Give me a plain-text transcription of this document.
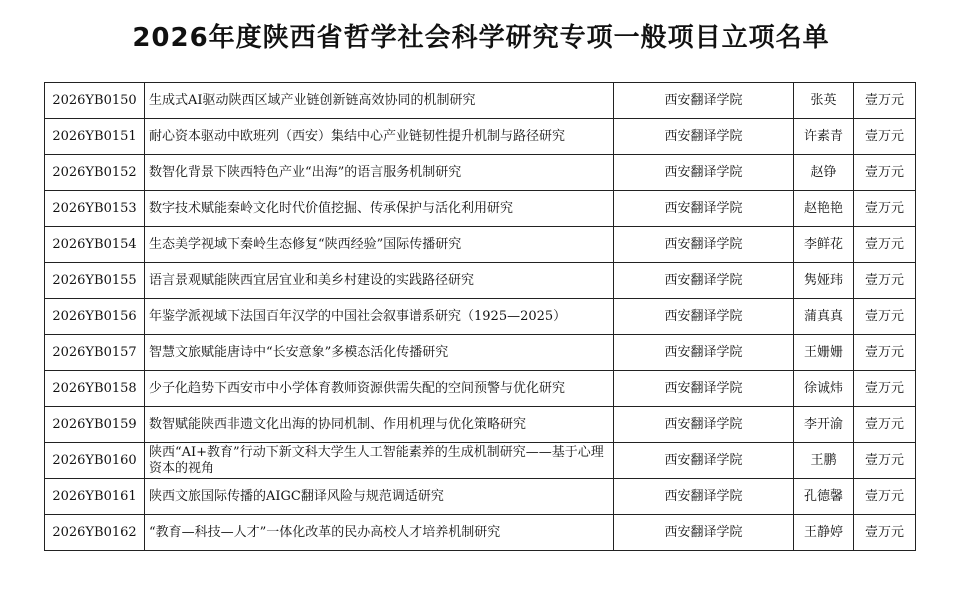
2026年度陕西省哲学社会科学研究专项一般项目立项名单
2026YB0150	生成式AI驱动陕西区域产业链创新链高效协同的机制研究	西安翻译学院	张英	壹万元
2026YB0151	耐心资本驱动中欧班列（西安）集结中心产业链韧性提升机制与路径研究	西安翻译学院	许素青	壹万元
2026YB0152	数智化背景下陕西特色产业“出海”的语言服务机制研究	西安翻译学院	赵铮	壹万元
2026YB0153	数字技术赋能秦岭文化时代价值挖掘、传承保护与活化利用研究	西安翻译学院	赵艳艳	壹万元
2026YB0154	生态美学视域下秦岭生态修复“陕西经验”国际传播研究	西安翻译学院	李鲜花	壹万元
2026YB0155	语言景观赋能陕西宜居宜业和美乡村建设的实践路径研究	西安翻译学院	隽娅玮	壹万元
2026YB0156	年鉴学派视域下法国百年汉学的中国社会叙事谱系研究（1925—2025）	西安翻译学院	蒲真真	壹万元
2026YB0157	智慧文旅赋能唐诗中“长安意象”多模态活化传播研究	西安翻译学院	王姗姗	壹万元
2026YB0158	少子化趋势下西安市中小学体育教师资源供需失配的空间预警与优化研究	西安翻译学院	徐诚炜	壹万元
2026YB0159	数智赋能陕西非遗文化出海的协同机制、作用机理与优化策略研究	西安翻译学院	李开渝	壹万元
2026YB0160	陕西“AI+教育”行动下新文科大学生人工智能素养的生成机制研究——基于心理资本的视角	西安翻译学院	王鹏	壹万元
2026YB0161	陕西文旅国际传播的AIGC翻译风险与规范调适研究	西安翻译学院	孔德馨	壹万元
2026YB0162	“教育—科技—人才”一体化改革的民办高校人才培养机制研究	西安翻译学院	王静婷	壹万元
